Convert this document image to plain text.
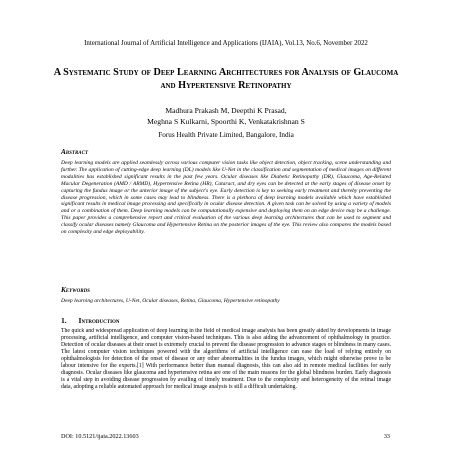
International Journal of Artificial Intelligence and Applications (IJAIA), Vol.13, No.6, November 2022
A Systematic Study of Deep Learning Architectures for Analysis of Glaucoma and Hypertensive Retinopathy
Madhura Prakash M, Deepthi K Prasad,
Meghna S Kulkarni, Spoorthi K, Venkatakrishnan S
Forus Health Private Limited, Bangalore, India
Abstract
Deep learning models are applied seamlessly across various computer vision tasks like object detection, object tracking, scene understanding and further. The application of cutting-edge deep learning (DL) models like U-Net in the classification and segmentation of medical images on different modalities has established significant results in the past few years. Ocular diseases like Diabetic Retinopathy (DR), Glaucoma, Age-Related Macular Degeneration (AMD / ARMD), Hypertensive Retina (HR), Cataract, and dry eyes can be detected at the early stages of disease onset by capturing the fundus image or the anterior image of the subject's eye. Early detection is key to seeking early treatment and thereby preventing the disease progression, which in some cases may lead to blindness. There is a plethora of deep learning models available which have established significant results in medical image processing and specifically in ocular disease detection. A given task can be solved by using a variety of models and or a combination of them. Deep learning models can be computationally expensive and deploying them on an edge device may be a challenge. This paper provides a comprehensive report and critical evaluation of the various deep learning architectures that can be used to segment and classify ocular diseases namely Glaucoma and Hypertensive Retina on the posterior images of the eye. This review also compares the models based on complexity and edge deployability.
Keywords
Deep learning architectures, U-Net, Ocular diseases, Retina, Glaucoma, Hypertensive retinopathy
1. Introduction
The quick and widespread application of deep learning in the field of medical image analysis has been greatly aided by developments in image processing, artificial intelligence, and computer vision-based techniques. This is also aiding the advancement of ophthalmology in practice. Detection of ocular diseases at their onset is extremely crucial to prevent the disease progression to advance stages or blindness in many cases. The latest computer vision techniques powered with the algorithms of artificial intelligence can ease the load of relying entirely on ophthalmologists for detection of the onset of disease or any other abnormalities in the fundus images, which might otherwise prove to be labour intensive for the experts.[1] With performance better than manual diagnosis, this can also aid in remote medical facilities for early diagnosis. Ocular diseases like glaucoma and hypertensive retina are one of the main reasons for the global blindness burden. Early diagnosis is a vital step in avoiding disease progression by availing of timely treatment. Due to the complexity and heterogeneity of the retinal image data, adopting a reliable automated approach for medical image analysis is still a difficult undertaking.
DOI: 10.5121/ijaia.2022.13603	33
